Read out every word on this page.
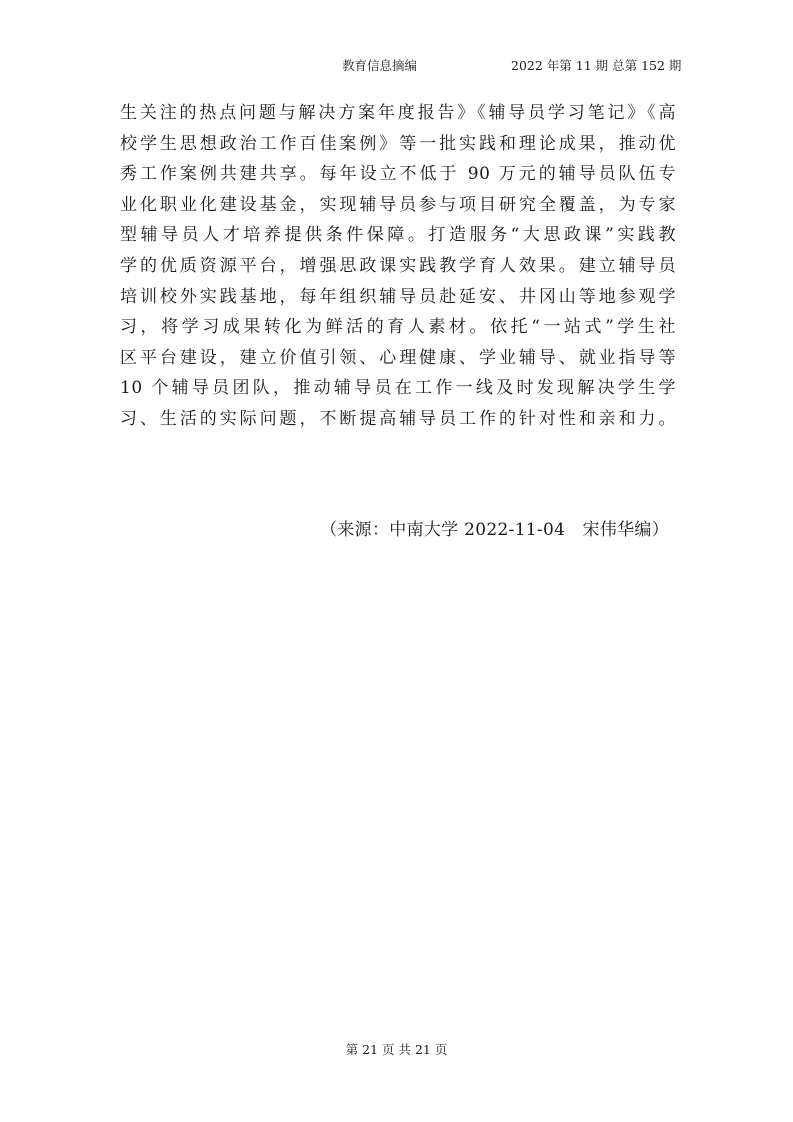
教育信息摘编	2022 年第 11 期 总第 152 期
生关注的热点问题与解决方案年度报告》《辅导员学习笔记》《高
校学生思想政治工作百佳案例》等一批实践和理论成果，推动优
秀工作案例共建共享。每年设立不低于 90 万元的辅导员队伍专
业化职业化建设基金，实现辅导员参与项目研究全覆盖，为专家
型辅导员人才培养提供条件保障。打造服务“大思政课”实践教
学的优质资源平台，增强思政课实践教学育人效果。建立辅导员
培训校外实践基地，每年组织辅导员赴延安、井冈山等地参观学
习，将学习成果转化为鲜活的育人素材。依托“一站式”学生社
区平台建设，建立价值引领、心理健康、学业辅导、就业指导等
10 个辅导员团队，推动辅导员在工作一线及时发现解决学生学
习、生活的实际问题，不断提高辅导员工作的针对性和亲和力。
（来源：中南大学 2022-11-04　宋伟华编）
第 21 页 共 21 页
